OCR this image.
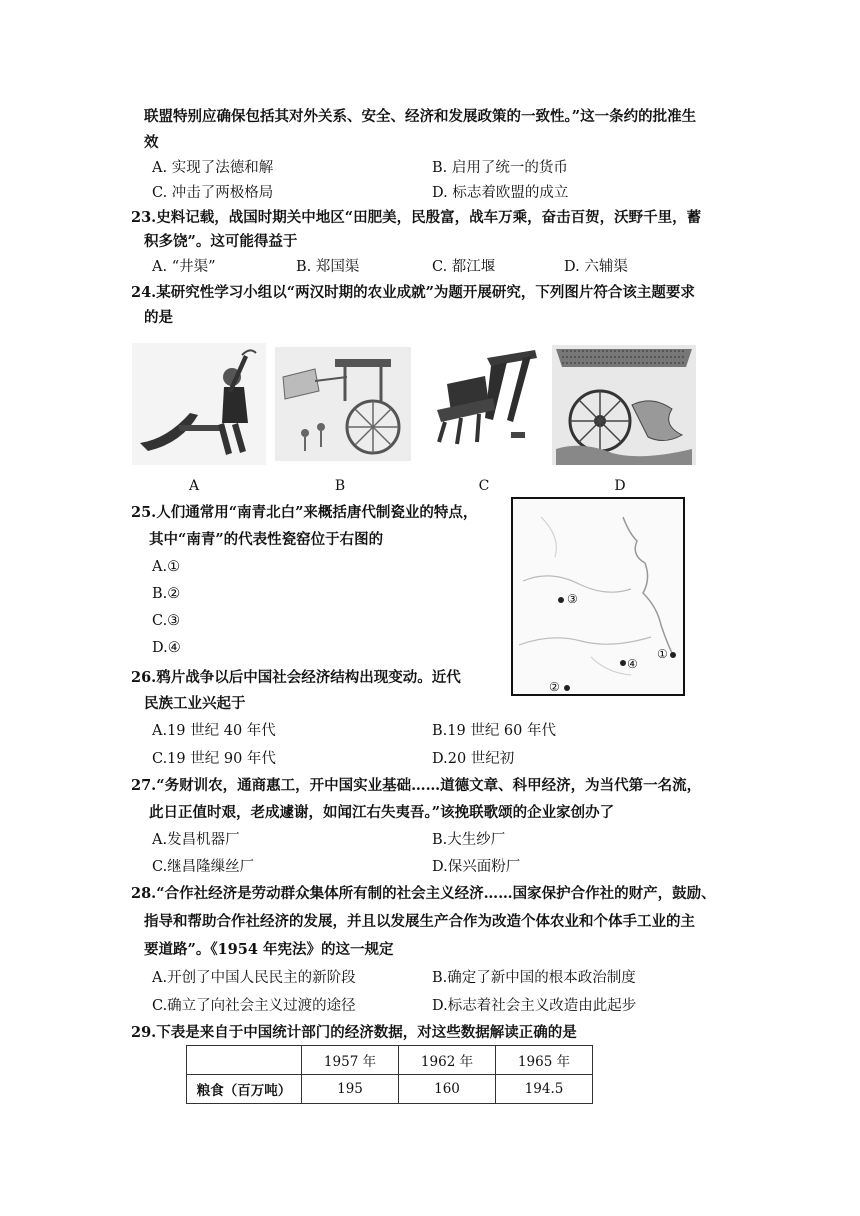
联盟特别应确保包括其对外关系、安全、经济和发展政策的一致性。”这一条约的批准生
效
A. 实现了法德和解	B. 启用了统一的货币
C. 冲击了两极格局	D. 标志着欧盟的成立
23.史料记载，战国时期关中地区“田肥美，民殷富，战车万乘，奋击百贺，沃野千里，蓄
积多饶”。这可能得益于
A. “井渠”	B. 郑国渠	C. 都江堰	D. 六辅渠
24.某研究性学习小组以“两汉时期的农业成就”为题开展研究，下列图片符合该主题要求
的是
A	B	C	D
25.人们通常用“南青北白”来概括唐代制瓷业的特点，
其中“南青”的代表性瓷窑位于右图的
A.①
B.②
C.③
D.④
③
④
①
②
26.鸦片战争以后中国社会经济结构出现变动。近代
民族工业兴起于
A.19 世纪 40 年代	B.19 世纪 60 年代
C.19 世纪 90 年代	D.20 世纪初
27.“务财训农，通商惠工，开中国实业基础……道德文章、科甲经济，为当代第一名流，
此日正值时艰，老成遽谢，如闻江右失夷吾。”该挽联歌颂的企业家创办了
A.发昌机器厂	B.大生纱厂
C.继昌隆缫丝厂	D.保兴面粉厂
28.“合作社经济是劳动群众集体所有制的社会主义经济……国家保护合作社的财产，鼓励、
指导和帮助合作社经济的发展，并且以发展生产合作为改造个体农业和个体手工业的主
要道路”。《1954 年宪法》的这一规定
A.开创了中国人民民主的新阶段	B.确定了新中国的根本政治制度
C.确立了向社会主义过渡的途径	D.标志着社会主义改造由此起步
29.下表是来自于中国统计部门的经济数据，对这些数据解读正确的是
	1957 年	1962 年	1965 年
粮食（百万吨）	195	160	194.5
